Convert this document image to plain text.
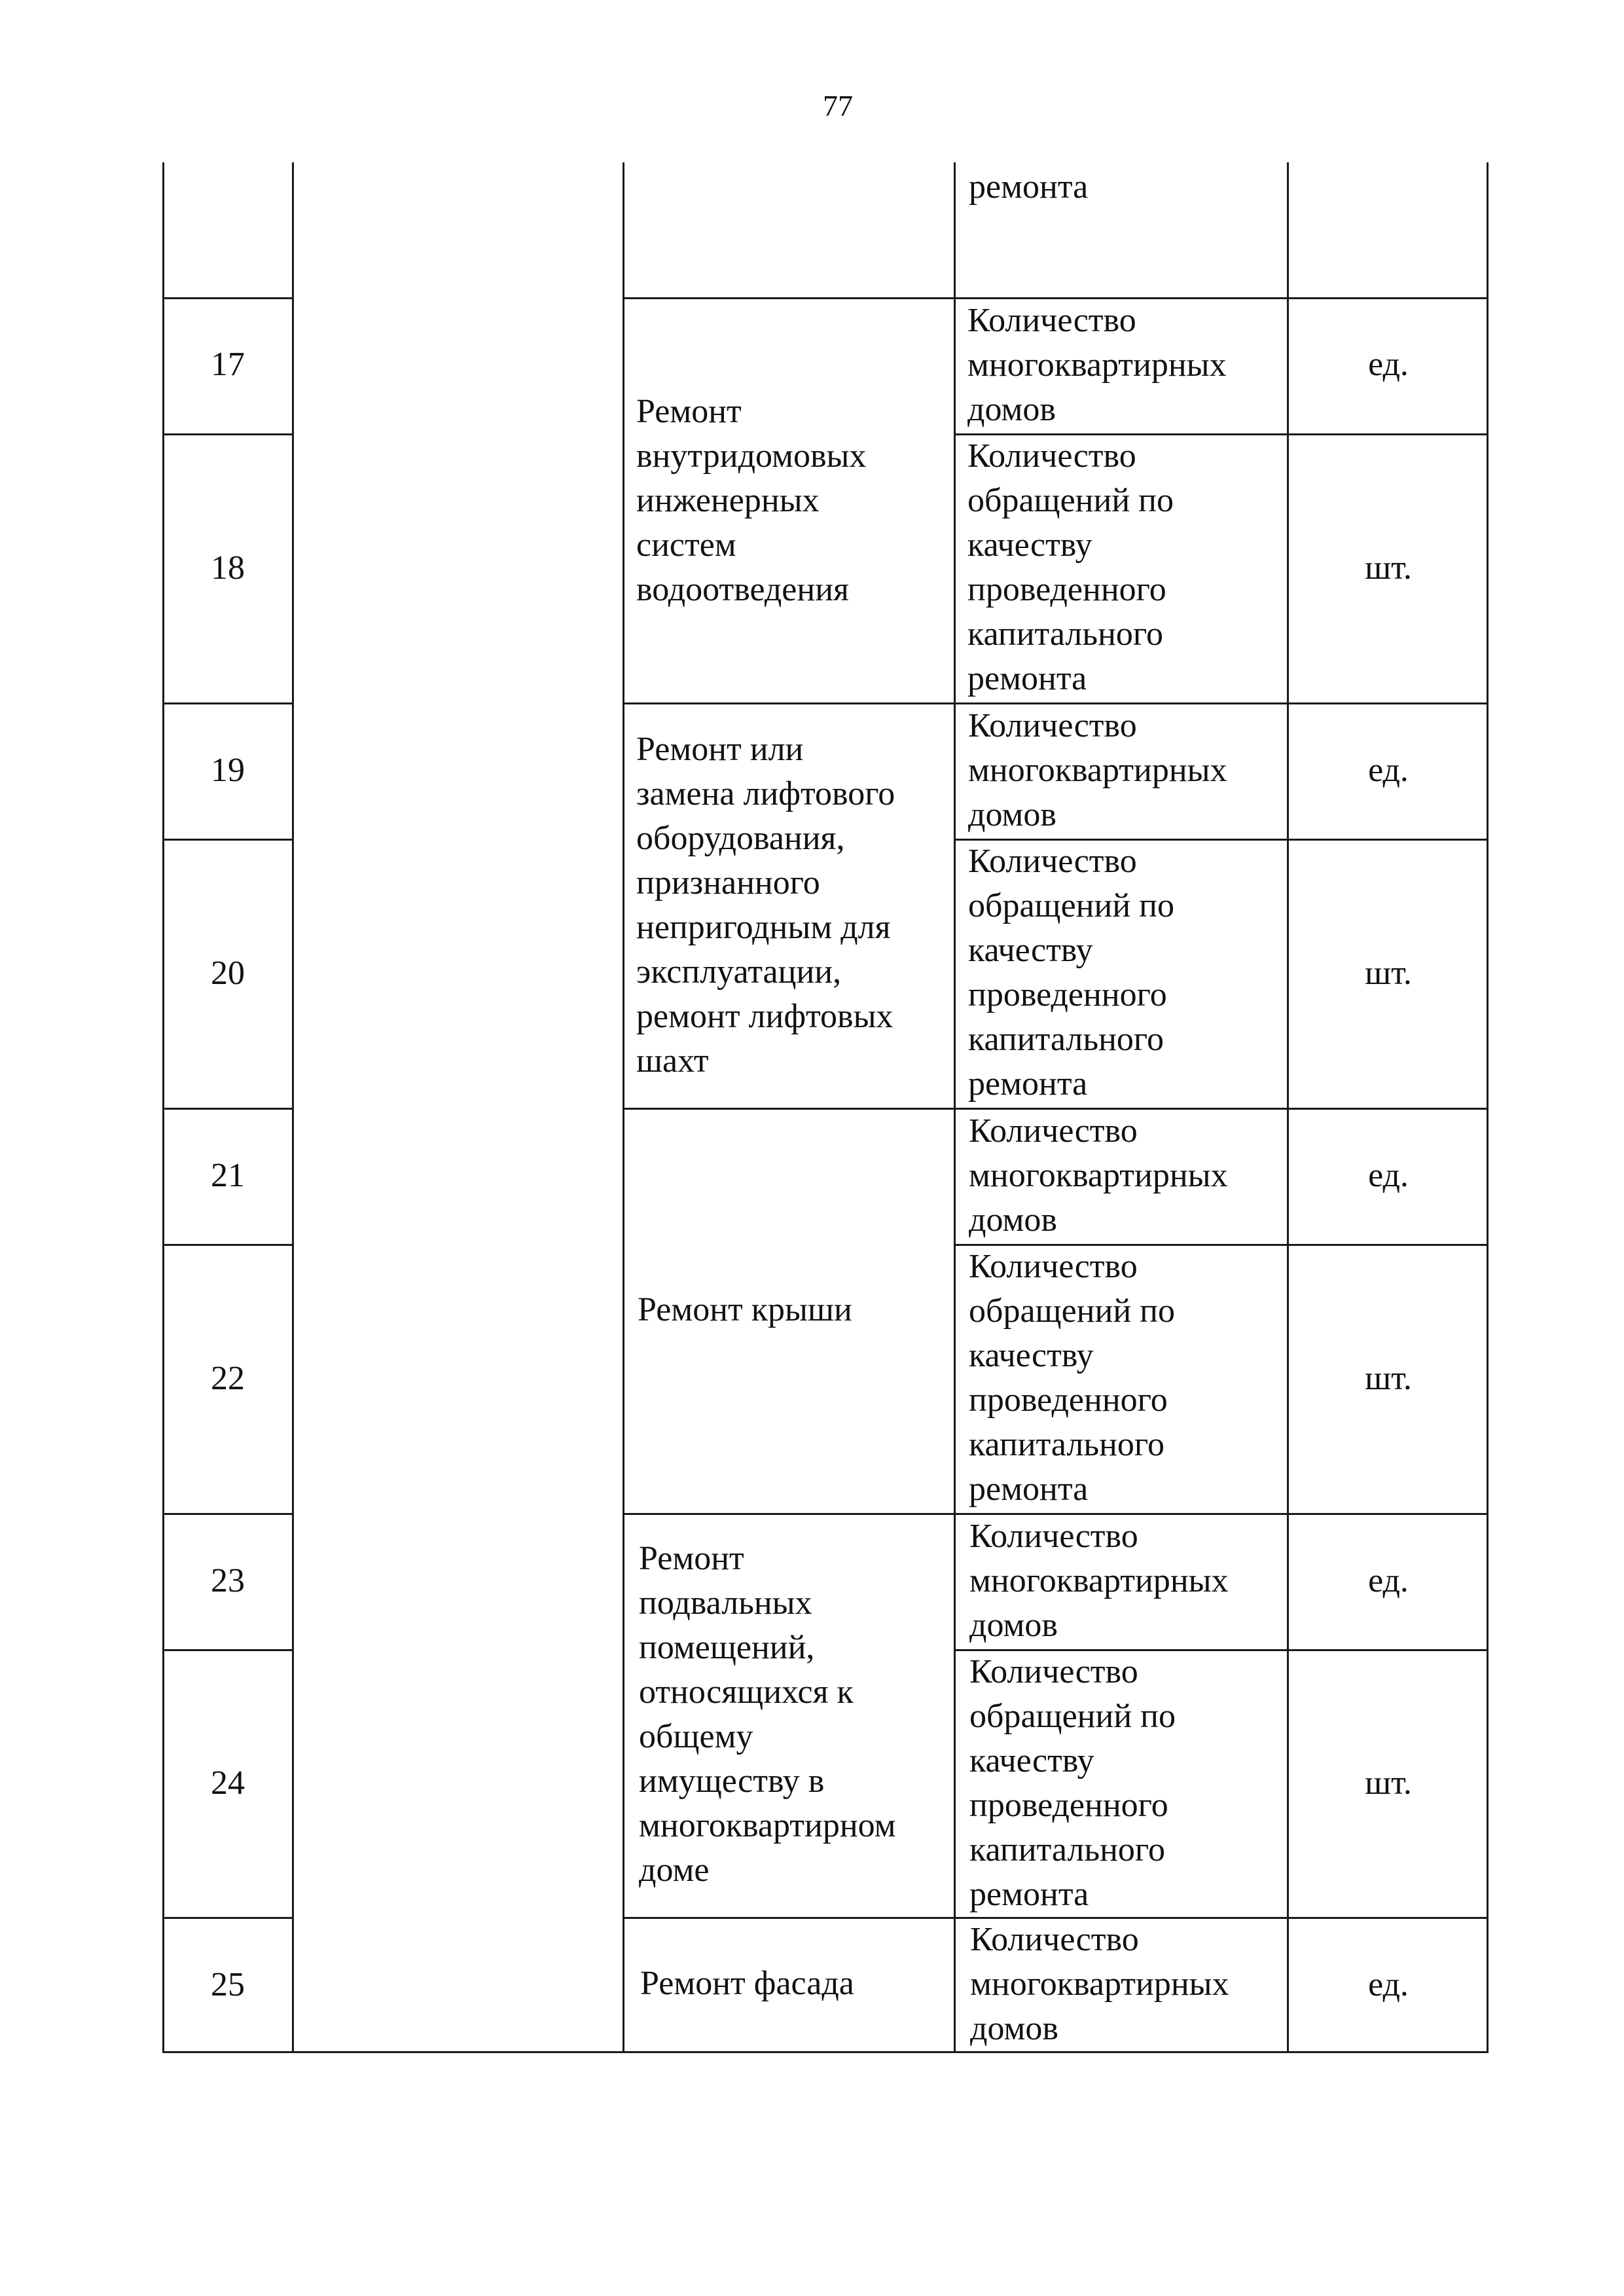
77
ремонта
17
18
19
20
21
22
23
24
25
Ремонт
внутридомовых
инженерных
систем
водоотведения
Ремонт или
замена лифтового
оборудования,
признанного
непригодным для
эксплуатации,
ремонт лифтовых
шахт
Ремонт крыши
Ремонт
подвальных
помещений,
относящихся к
общему
имуществу в
многоквартирном
доме
Ремонт фасада
Количество
многоквартирных
домов
Количество
обращений по
качеству
проведенного
капитального
ремонта
Количество
многоквартирных
домов
Количество
обращений по
качеству
проведенного
капитального
ремонта
Количество
многоквартирных
домов
Количество
обращений по
качеству
проведенного
капитального
ремонта
Количество
многоквартирных
домов
Количество
обращений по
качеству
проведенного
капитального
ремонта
Количество
многоквартирных
домов
ед.
шт.
ед.
шт.
ед.
шт.
ед.
шт.
ед.
